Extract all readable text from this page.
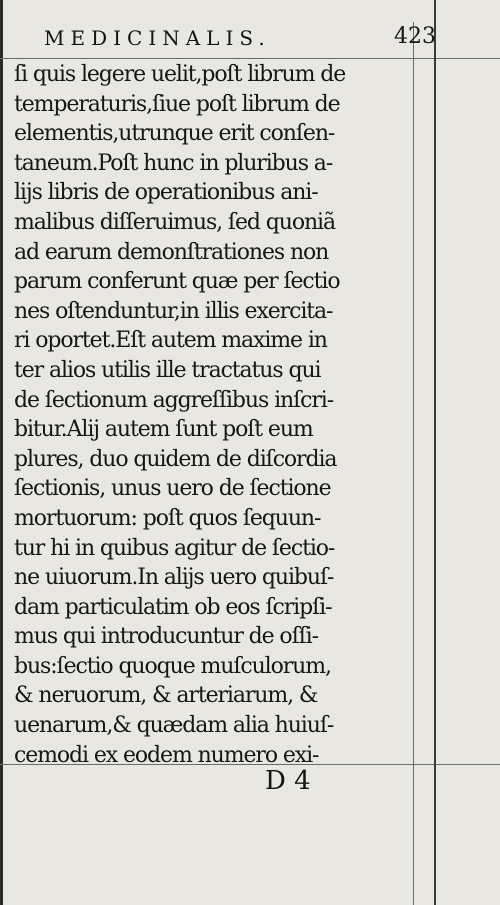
MEDICINALIS.	423
ſi quis legere uelit,poſt librum de
temperaturis,ſiue poſt librum de
elementis,utrunque erit conſen-
taneum.Poſt hunc in pluribus a-
lijs libris de operationibus ani-
malibus diſſeruimus, ſed quoniã
ad earum demonſtrationes non
parum conferunt quæ per ſectio
nes oſtenduntur,in illis exercita-
ri oportet.Eſt autem maxime in
ter alios utilis ille tractatus qui
de ſectionum aggreſſibus inſcri-
bitur.Alij autem ſunt poſt eum
plures, duo quidem de diſcordia
ſectionis, unus uero de ſectione
mortuorum: poſt quos ſequun-
tur hi in quibus agitur de ſectio-
ne uiuorum.In alijs uero quibuſ-
dam particulatim ob eos ſcripſi-
mus qui introducuntur de oſſi-
bus:ſectio quoque muſculorum,
& neruorum, & arteriarum, &
uenarum,& quædam alia huiuſ-
cemodi ex eodem numero exi-
D 4
